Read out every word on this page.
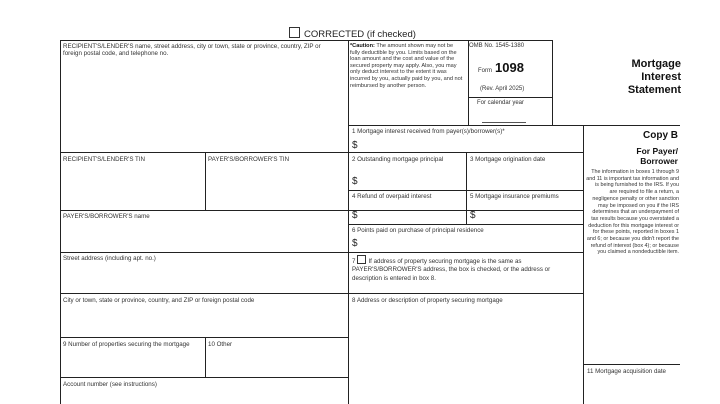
CORRECTED (if checked)
RECIPIENT'S/LENDER'S name, street address, city or town, state or province, country, ZIP or foreign postal code, and telephone no.
*Caution: The amount shown may not be fully deductible by you. Limits based on the loan amount and the cost and value of the secured property may apply. Also, you may only deduct interest to the extent it was incurred by you, actually paid by you, and not reimbursed by another person.
OMB No. 1545-1380
Form 1098
(Rev. April 2025)
For calendar year
Mortgage
Interest
Statement
1 Mortgage interest received from payer(s)/borrower(s)*
$
Copy B
For Payer/
Borrower
The information in boxes 1 through 9 and 11 is important tax information and is being furnished to the IRS. If you are required to file a return, a negligence penalty or other sanction may be imposed on you if the IRS determines that an underpayment of tax results because you overstated a deduction for this mortgage interest or for these points, reported in boxes 1 and 6; or because you didn't report the refund of interest (box 4); or because you claimed a nondeductible item.
RECIPIENT'S/LENDER'S TIN	PAYER'S/BORROWER'S TIN	2 Outstanding mortgage principal
$
3 Mortgage origination date
4 Refund of overpaid interest
$
5 Mortgage insurance premiums
$
PAYER'S/BORROWER'S name
6 Points paid on purchase of principal residence
$
Street address (including apt. no.)	7 If address of property securing mortgage is the same as PAYER'S/BORROWER'S address, the box is checked, or the address or description is entered in box 8.
City or town, state or province, country, and ZIP or foreign postal code	8 Address or description of property securing mortgage
9 Number of properties securing the mortgage	10 Other
11 Mortgage acquisition date
Account number (see instructions)
